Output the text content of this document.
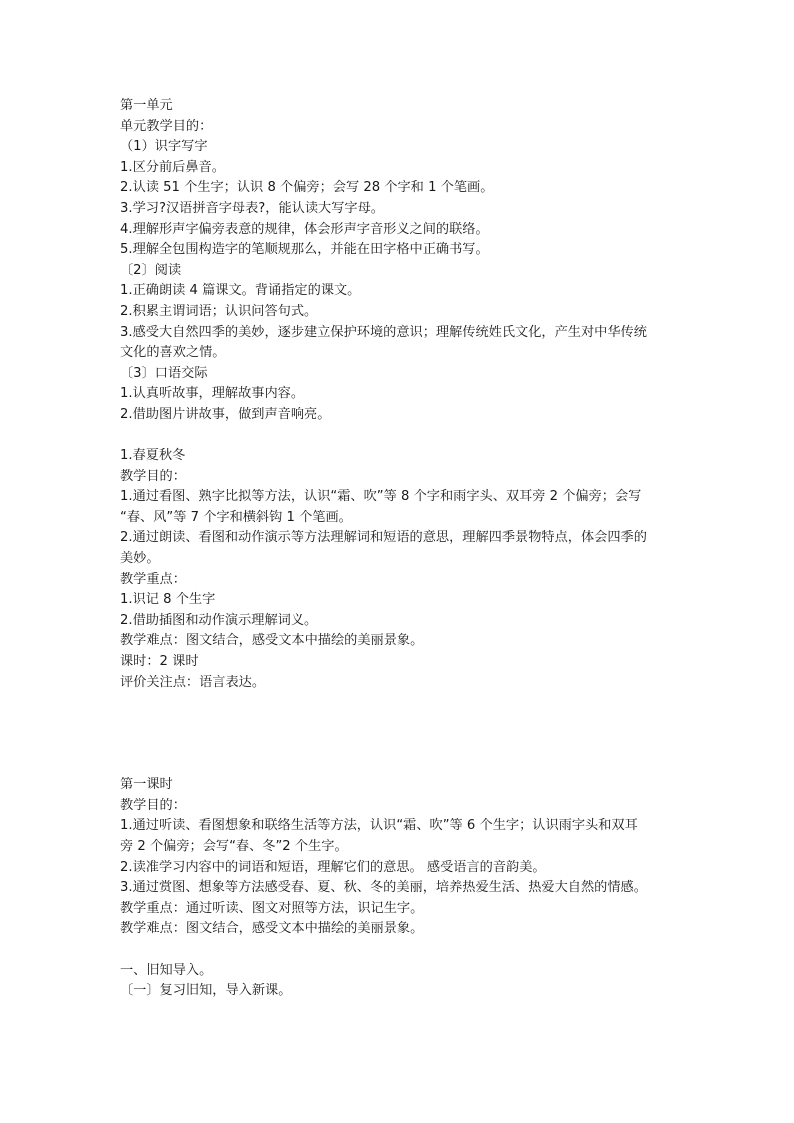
第一单元

单元教学目的：

（1）识字写字

1.区分前后鼻音。

2.认读 51 个生字；认识 8 个偏旁；会写 28 个字和 1 个笔画。

3.学习?汉语拼音字母表?，能认读大写字母。

4.理解形声字偏旁表意的规律，体会形声字音形义之间的联络。

5.理解全包围构造字的笔顺规那么，并能在田字格中正确书写。

〔2〕阅读

1.正确朗读 4 篇课文。背诵指定的课文。

2.积累主谓词语；认识问答句式。

3.感受大自然四季的美妙，逐步建立保护环境的意识；理解传统姓氏文化，产生对中华传统

文化的喜欢之情。

〔3〕口语交际

1.认真听故事，理解故事内容。

2.借助图片讲故事，做到声音响亮。

1.春夏秋冬

教学目的：

1.通过看图、熟字比拟等方法，认识“霜、吹”等 8 个字和雨字头、双耳旁 2 个偏旁；会写

“春、风”等 7 个字和横斜钩 1 个笔画。

2.通过朗读、看图和动作演示等方法理解词和短语的意思，理解四季景物特点，体会四季的

美妙。

教学重点：

1.识记 8 个生字

2.借助插图和动作演示理解词义。

教学难点：图文结合，感受文本中描绘的美丽景象。

课时：2 课时

评价关注点：语言表达。

第一课时

教学目的：

1.通过听读、看图想象和联络生活等方法，认识“霜、吹”等 6 个生字；认识雨字头和双耳

旁 2 个偏旁；会写“春、冬”2 个生字。

2.读准学习内容中的词语和短语，理解它们的意思。 感受语言的音韵美。

3.通过赏图、想象等方法感受春、夏、秋、冬的美丽，培养热爱生活、热爱大自然的情感。

教学重点：通过听读、图文对照等方法，识记生字。

教学难点：图文结合，感受文本中描绘的美丽景象。

一、旧知导入。

〔一〕复习旧知，导入新课。
